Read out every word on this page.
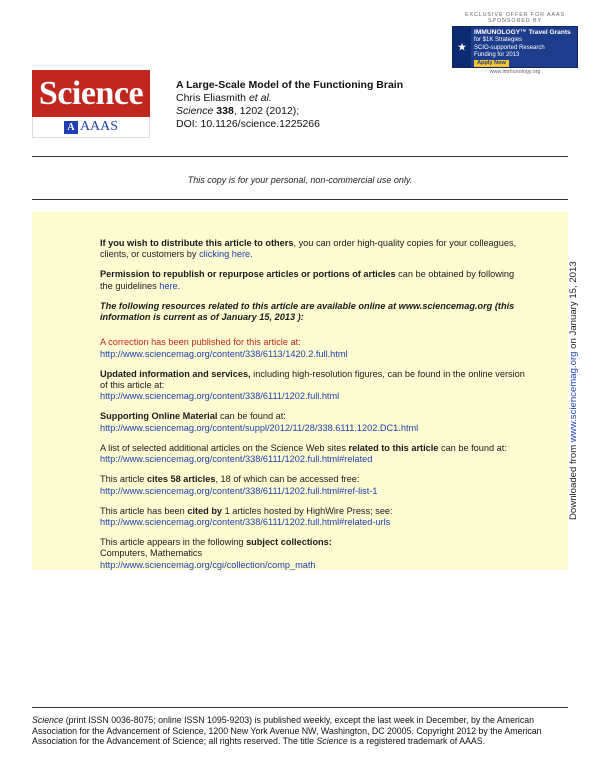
EXCLUSIVE OFFER FOR AAAS
SPONSORED BY
★
IMMUNOLOGY™ Travel Grants
for $1K Strategies
SCIO-supported Research
Funding for 2013
Apply Now
www.immunology.org
Science
A AAAS
A Large-Scale Model of the Functioning Brain
Chris Eliasmith et al.
Science 338, 1202 (2012);
DOI: 10.1126/science.1225266
This copy is for your personal, non-commercial use only.
If you wish to distribute this article to others, you can order high-quality copies for your colleagues, clients, or customers by clicking here.
Permission to republish or repurpose articles or portions of articles can be obtained by following the guidelines here.
The following resources related to this article are available online at www.sciencemag.org (this information is current as of January 15, 2013 ):
A correction has been published for this article at:
http://www.sciencemag.org/content/338/6113/1420.2.full.html
Updated information and services, including high-resolution figures, can be found in the online version of this article at:
http://www.sciencemag.org/content/338/6111/1202.full.html
Supporting Online Material can be found at:
http://www.sciencemag.org/content/suppl/2012/11/28/338.6111.1202.DC1.html
A list of selected additional articles on the Science Web sites related to this article can be found at:
http://www.sciencemag.org/content/338/6111/1202.full.html#related
This article cites 58 articles, 18 of which can be accessed free:
http://www.sciencemag.org/content/338/6111/1202.full.html#ref-list-1
This article has been cited by 1 articles hosted by HighWire Press; see:
http://www.sciencemag.org/content/338/6111/1202.full.html#related-urls
This article appears in the following subject collections:
Computers, Mathematics
http://www.sciencemag.org/cgi/collection/comp_math
Downloaded from www.sciencemag.org on January 15, 2013
Science (print ISSN 0036-8075; online ISSN 1095-9203) is published weekly, except the last week in December, by the American Association for the Advancement of Science, 1200 New York Avenue NW, Washington, DC 20005. Copyright 2012 by the American Association for the Advancement of Science; all rights reserved. The title Science is a registered trademark of AAAS.
